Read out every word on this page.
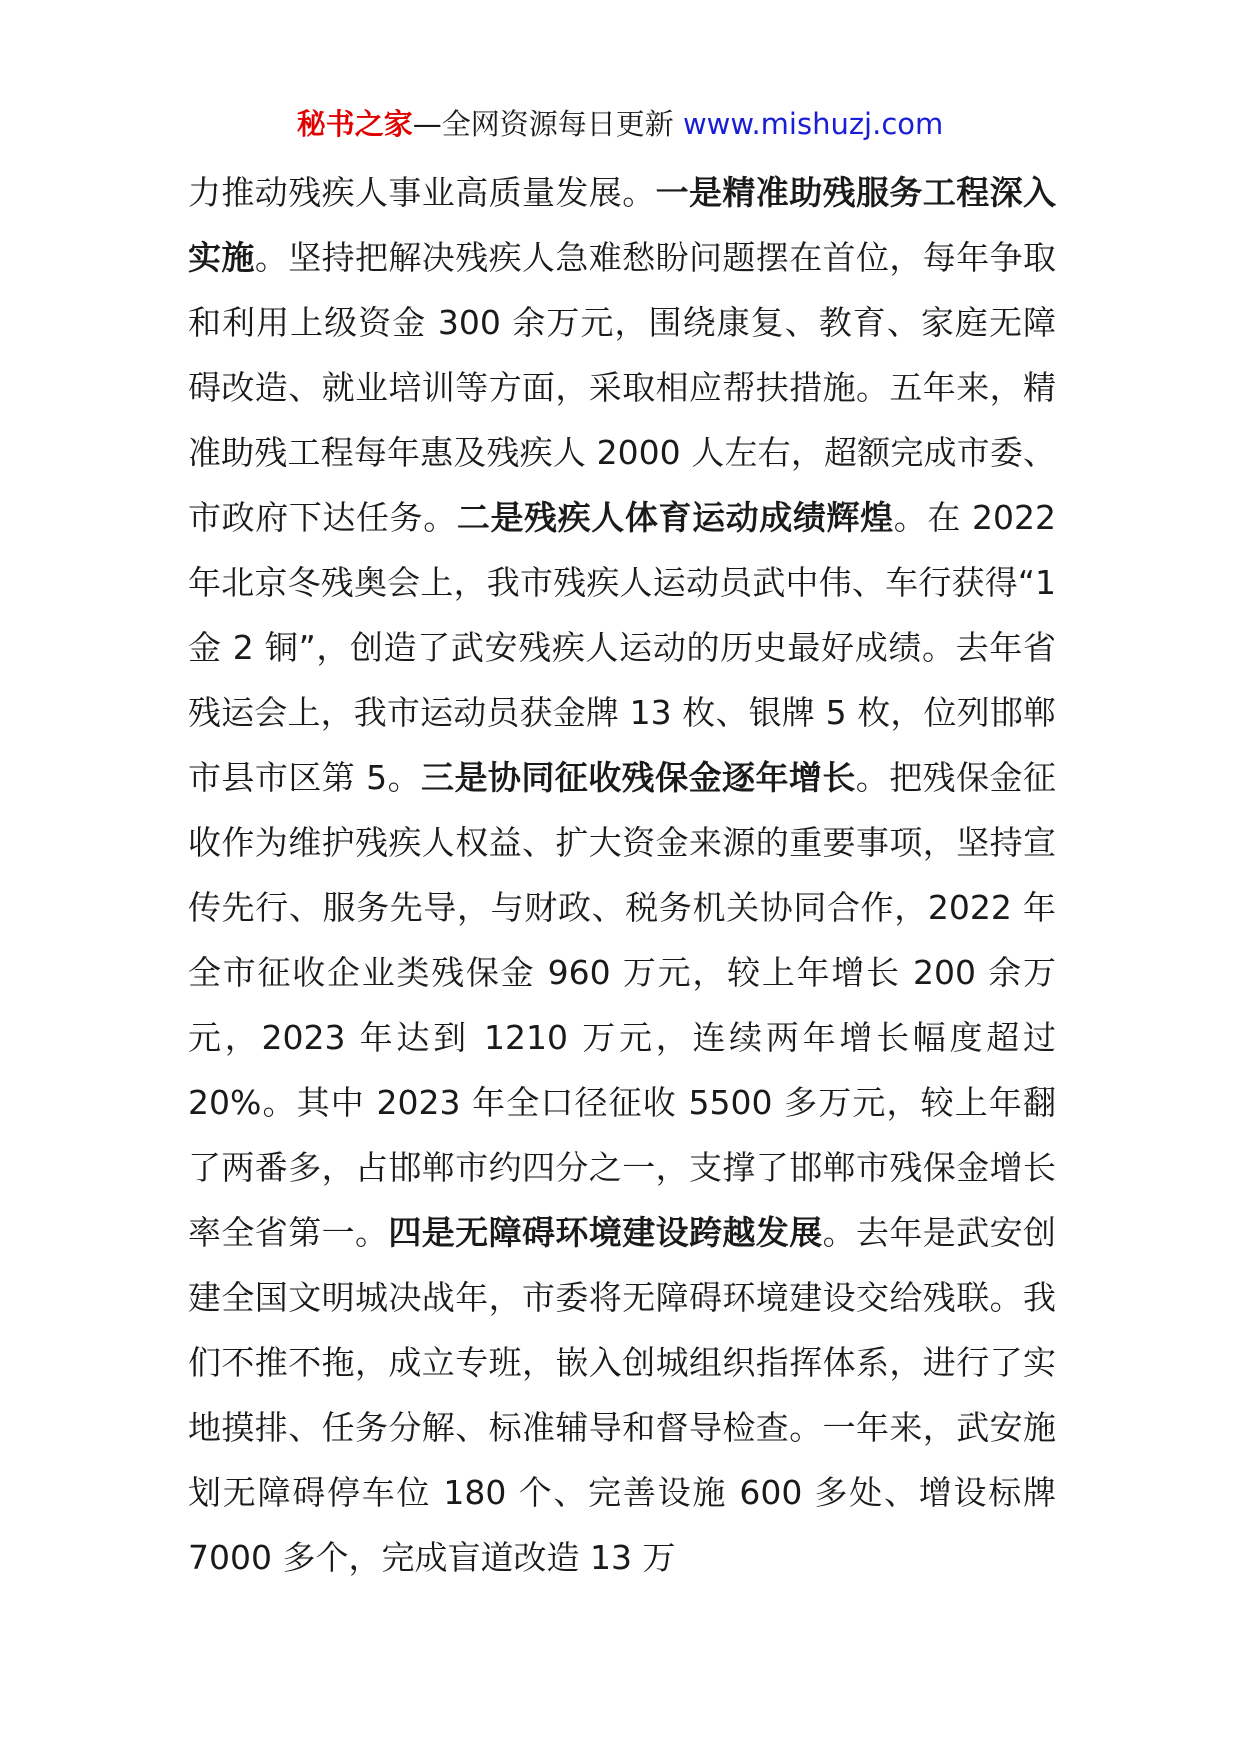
秘书之家—全网资源每日更新 www.mishuzj.com

力推动残疾人事业高质量发展。一是精准助残服务工程深入实施。坚持把解决残疾人急难愁盼问题摆在首位，每年争取和利用上级资金 300 余万元，围绕康复、教育、家庭无障碍改造、就业培训等方面，采取相应帮扶措施。五年来，精准助残工程每年惠及残疾人 2000 人左右，超额完成市委、市政府下达任务。二是残疾人体育运动成绩辉煌。在 2022 年北京冬残奥会上，我市残疾人运动员武中伟、车行获得“1 金 2 铜”，创造了武安残疾人运动的历史最好成绩。去年省残运会上，我市运动员获金牌 13 枚、银牌 5 枚，位列邯郸市县市区第 5。三是协同征收残保金逐年增长。把残保金征收作为维护残疾人权益、扩大资金来源的重要事项，坚持宣传先行、服务先导，与财政、税务机关协同合作，2022 年全市征收企业类残保金 960 万元，较上年增长 200 余万元，2023 年达到 1210 万元，连续两年增长幅度超过 20%。其中 2023 年全口径征收 5500 多万元，较上年翻了两番多，占邯郸市约四分之一，支撑了邯郸市残保金增长率全省第一。四是无障碍环境建设跨越发展。去年是武安创建全国文明城决战年，市委将无障碍环境建设交给残联。我们不推不拖，成立专班，嵌入创城组织指挥体系，进行了实地摸排、任务分解、标准辅导和督导检查。一年来，武安施划无障碍停车位 180 个、完善设施 600 多处、增设标牌 7000 多个，完成盲道改造 13 万
